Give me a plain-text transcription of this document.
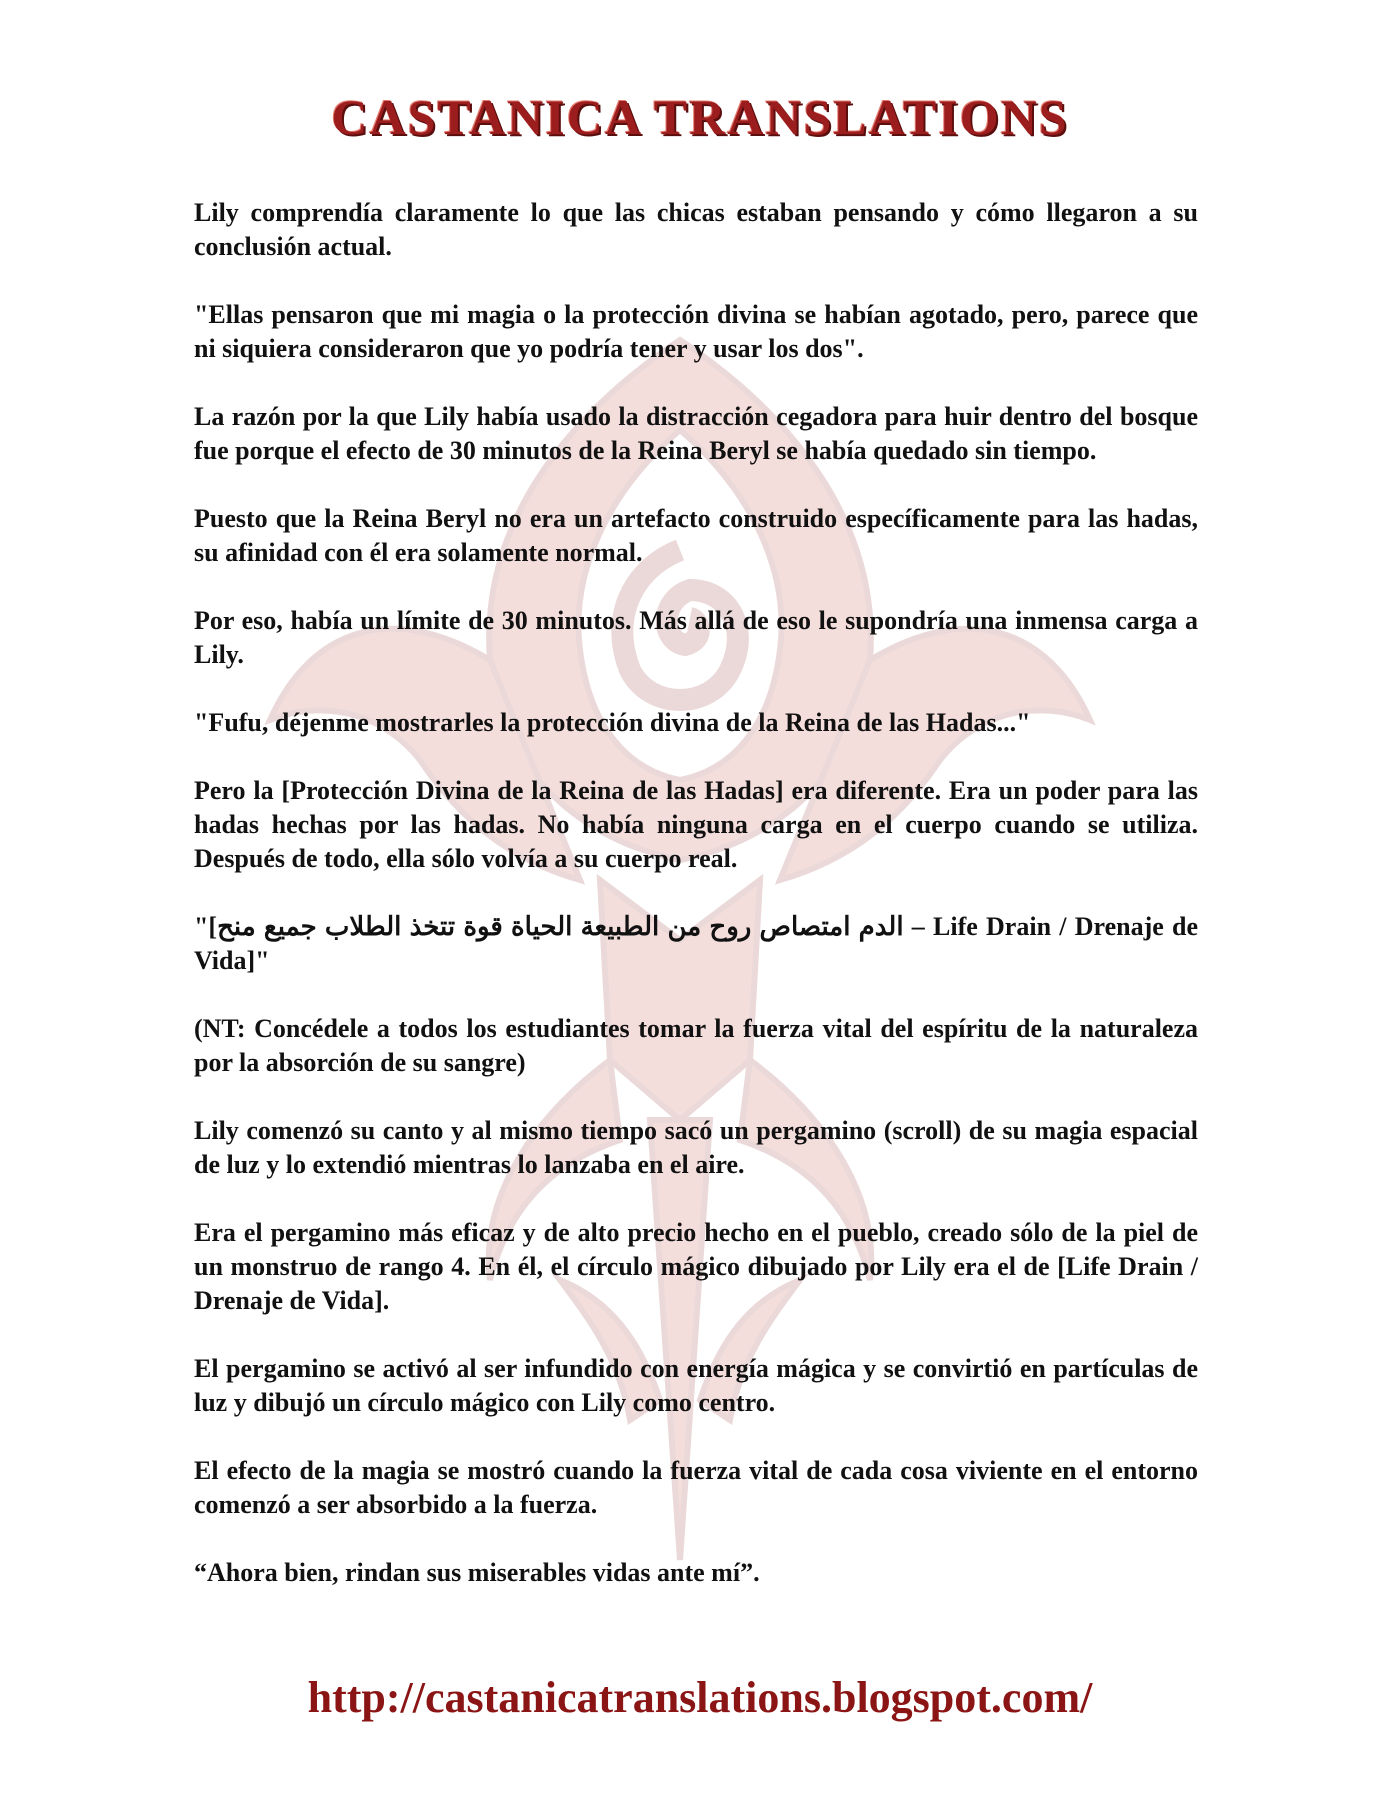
CASTANICA TRANSLATIONS

Lily comprendía claramente lo que las chicas estaban pensando y cómo llegaron a su conclusión actual.

"Ellas pensaron que mi magia o la protección divina se habían agotado, pero, parece que ni siquiera consideraron que yo podría tener y usar los dos".

La razón por la que Lily había usado la distracción cegadora para huir dentro del bosque fue porque el efecto de 30 minutos de la Reina Beryl se había quedado sin tiempo.

Puesto que la Reina Beryl no era un artefacto construido específicamente para las hadas, su afinidad con él era solamente normal.

Por eso, había un límite de 30 minutos. Más allá de eso le supondría una inmensa carga a Lily.

"Fufu, déjenme mostrarles la protección divina de la Reina de las Hadas..."

Pero la [Protección Divina de la Reina de las Hadas] era diferente. Era un poder para las hadas hechas por las hadas. No había ninguna carga en el cuerpo cuando se utiliza. Después de todo, ella sólo volvía a su cuerpo real.

"[الدم امتصاص روح من الطبيعة الحياة قوة تتخذ الطلاب جميع منح – Life Drain / Drenaje de Vida]"

(NT: Concédele a todos los estudiantes tomar la fuerza vital del espíritu de la naturaleza por la absorción de su sangre)

Lily comenzó su canto y al mismo tiempo sacó un pergamino (scroll) de su magia espacial de luz y lo extendió mientras lo lanzaba en el aire.

Era el pergamino más eficaz y de alto precio hecho en el pueblo, creado sólo de la piel de un monstruo de rango 4. En él, el círculo mágico dibujado por Lily era el de [Life Drain / Drenaje de Vida].

El pergamino se activó al ser infundido con energía mágica y se convirtió en partículas de luz y dibujó un círculo mágico con Lily como centro.

El efecto de la magia se mostró cuando la fuerza vital de cada cosa viviente en el entorno comenzó a ser absorbido a la fuerza.

“Ahora bien, rindan sus miserables vidas ante mí”.

http://castanicatranslations.blogspot.com/
